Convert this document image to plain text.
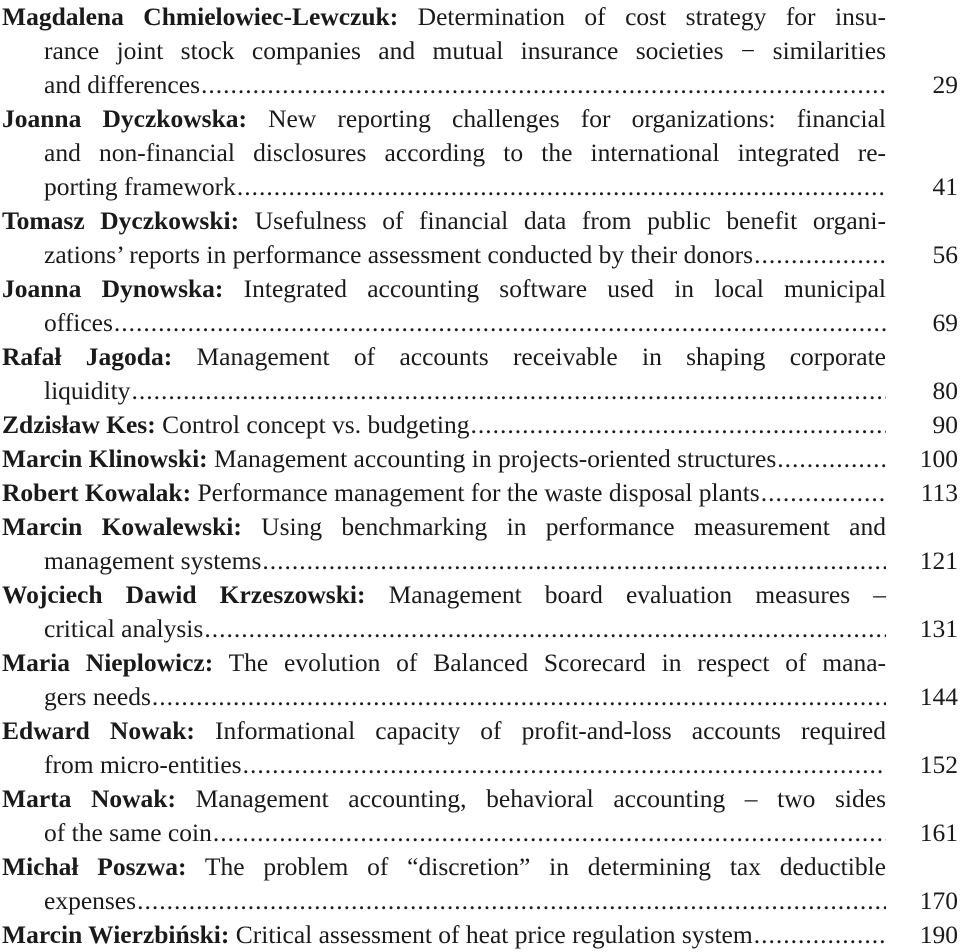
Magdalena Chmielowiec-Lewczuk: Determination of cost strategy for insu-
rance joint stock companies and mutual insurance societies − similarities
29
and differences
.....
Joanna Dyczkowska: New reporting challenges for organizations: financial
and non-financial disclosures according to the international integrated re-
41
porting framework
.....
Tomasz Dyczkowski: Usefulness of financial data from public benefit organi-
56
zations’ reports in performance assessment conducted by their donors
.....
Joanna Dynowska: Integrated accounting software used in local municipal
69
offices
.....
Rafał Jagoda: Management of accounts receivable in shaping corporate
80
liquidity
.....
90
Zdzisław Kes: Control concept vs. budgeting
.....
100
Marcin Klinowski: Management accounting in projects-oriented structures
.....
113
Robert Kowalak: Performance management for the waste disposal plants
.....
Marcin Kowalewski: Using benchmarking in performance measurement and
121
management systems
.....
Wojciech Dawid Krzeszowski: Management board evaluation measures –
131
critical analysis
.....
Maria Nieplowicz: The evolution of Balanced Scorecard in respect of mana-
144
gers needs
.....
Edward Nowak: Informational capacity of profit-and-loss accounts required
152
from micro-entities
.....
Marta Nowak: Management accounting, behavioral accounting – two sides
161
of the same coin
.....
Michał Poszwa: The problem of “discretion” in determining tax deductible
170
expenses
.....
190
Marcin Wierzbiński: Critical assessment of heat price regulation system
.....
